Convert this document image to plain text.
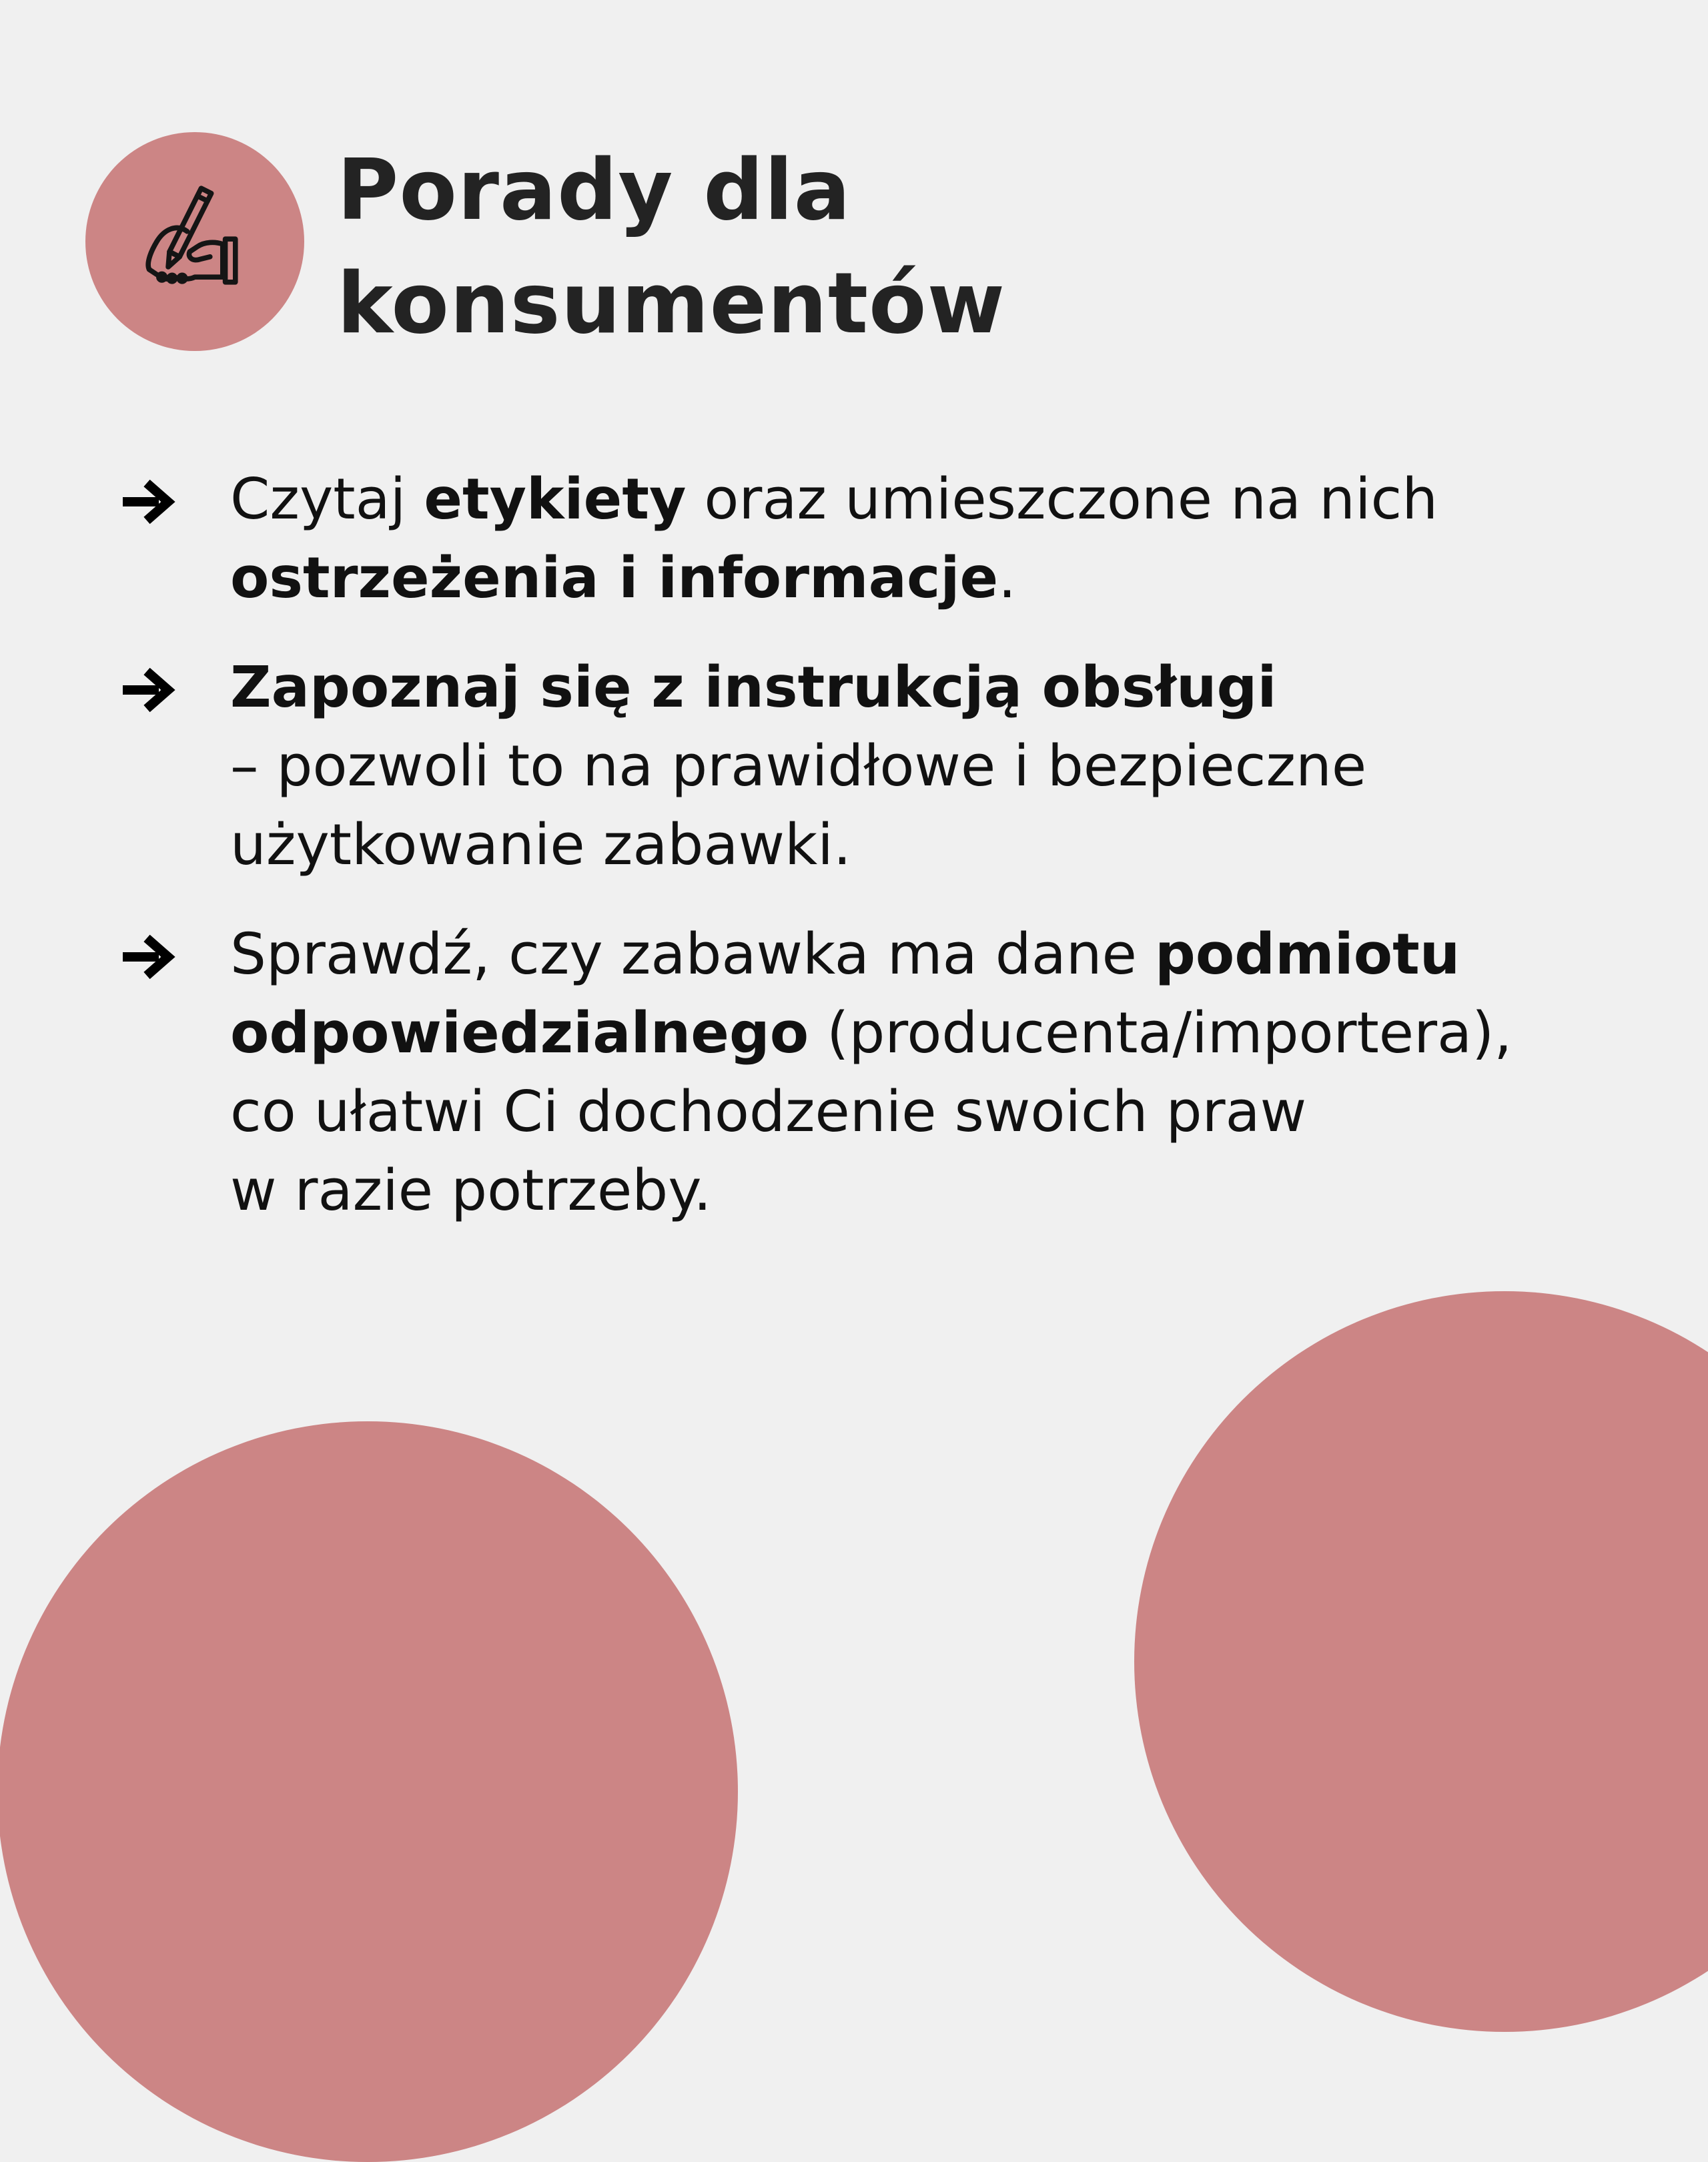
Porady dla
konsumentów
Czytaj etykiety oraz umieszczone na nich
ostrzeżenia i informacje.
Zapoznaj się z instrukcją obsługi
– pozwoli to na prawidłowe i bezpieczne
użytkowanie zabawki.
Sprawdź, czy zabawka ma dane podmiotu
odpowiedzialnego (producenta/importera),
co ułatwi Ci dochodzenie swoich praw
w razie potrzeby.
